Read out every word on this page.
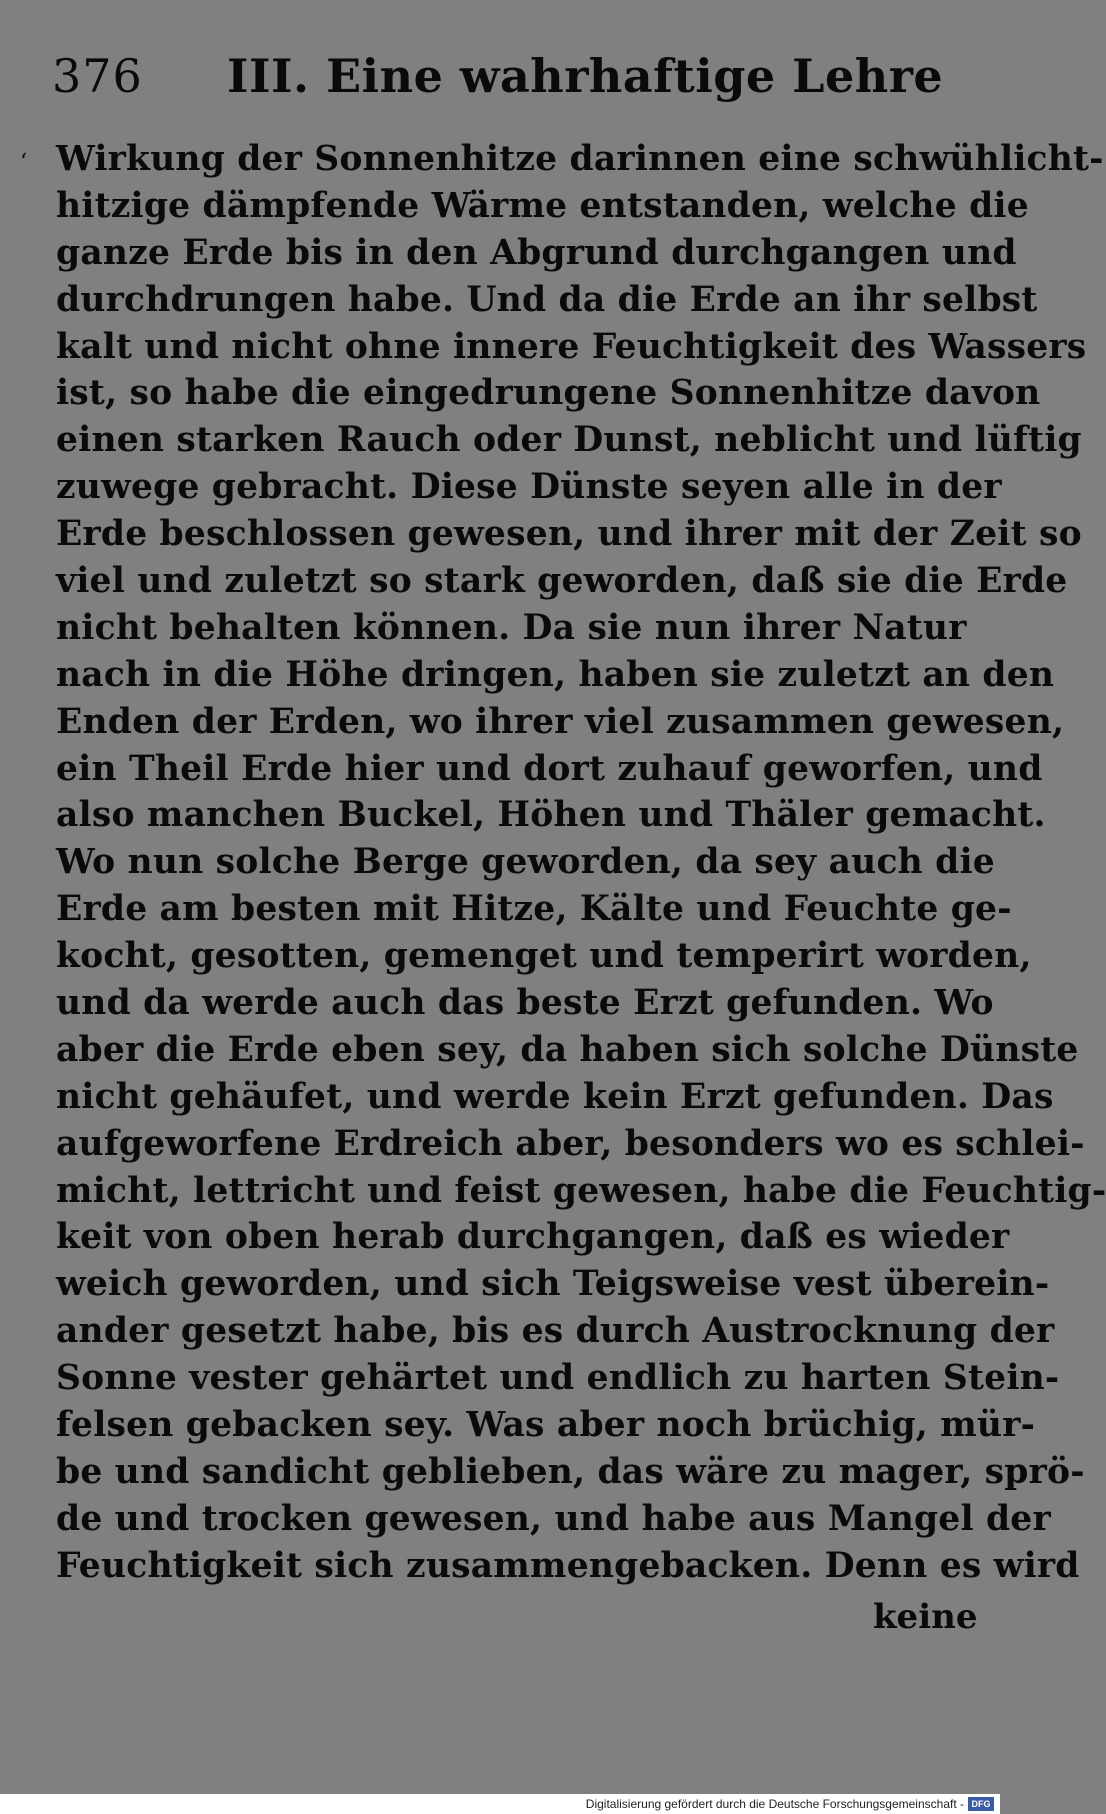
376 III. Eine wahrhaftige Lehre
‘ Wirkung der Sonnenhitze darinnen eine schwühlicht-
hitzige dämpfende Wärme entstanden, welche die
ganze Erde bis in den Abgrund durchgangen und
durchdrungen habe. Und da die Erde an ihr selbst
kalt und nicht ohne innere Feuchtigkeit des Wassers
ist, so habe die eingedrungene Sonnenhitze davon
einen starken Rauch oder Dunst, neblicht und lüftig
zuwege gebracht. Diese Dünste seyen alle in der
Erde beschlossen gewesen, und ihrer mit der Zeit so
viel und zuletzt so stark geworden, daß sie die Erde
nicht behalten können. Da sie nun ihrer Natur
nach in die Höhe dringen, haben sie zuletzt an den
Enden der Erden, wo ihrer viel zusammen gewesen,
ein Theil Erde hier und dort zuhauf geworfen, und
also manchen Buckel, Höhen und Thäler gemacht.
Wo nun solche Berge geworden, da sey auch die
Erde am besten mit Hitze, Kälte und Feuchte ge-
kocht, gesotten, gemenget und temperirt worden,
und da werde auch das beste Erzt gefunden. Wo
aber die Erde eben sey, da haben sich solche Dünste
nicht gehäufet, und werde kein Erzt gefunden. Das
aufgeworfene Erdreich aber, besonders wo es schlei-
micht, lettricht und feist gewesen, habe die Feuchtig-
keit von oben herab durchgangen, daß es wieder
weich geworden, und sich Teigsweise vest überein-
ander gesetzt habe, bis es durch Austrocknung der
Sonne vester gehärtet und endlich zu harten Stein-
felsen gebacken sey. Was aber noch brüchig, mür-
be und sandicht geblieben, das wäre zu mager, sprö-
de und trocken gewesen, und habe aus Mangel der
Feuchtigkeit sich zusammengebacken. Denn es wird
keine
Digitalisierung gefördert durch die Deutsche Forschungsgemeinschaft - DFG
